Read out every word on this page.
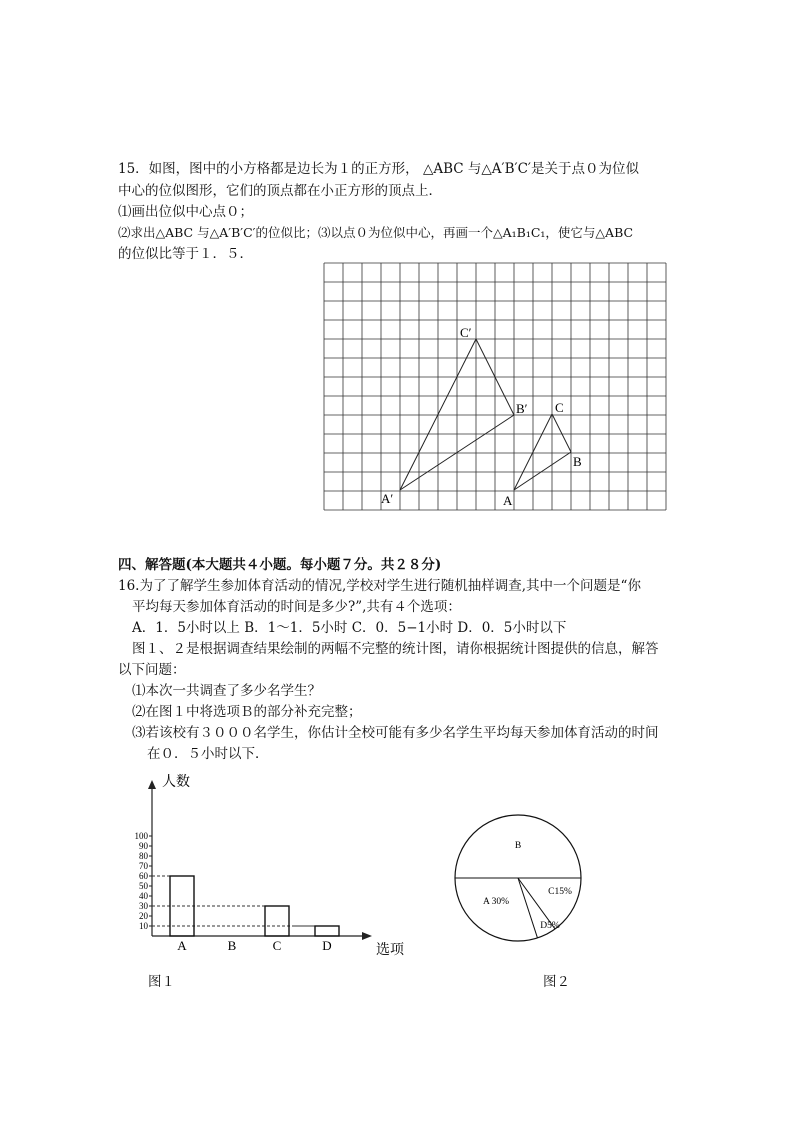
15．如图，图中的小方格都是边长为１的正方形， △ABC 与△A′B′C′是关于点０为位似
中心的位似图形，它们的顶点都在小正方形的顶点上．
⑴画出位似中心点０；
⑵求出△ABC 与△A′B′C′的位似比；⑶以点０为位似中心，再画一个△A₁B₁C₁，使它与△ABC
的位似比等于１．５．
C′
B′
A′
C
B
A
四、解答题(本大题共４小题。每小题７分。共２８分)
16.为了了解学生参加体育活动的情况,学校对学生进行随机抽样调查,其中一个问题是“你
平均每天参加体育活动的时间是多少?”,共有４个选项：
A．1．5小时以上 B．1～1．5小时 C．0．5−1小时 D．0．5小时以下
图１、２是根据调查结果绘制的两幅不完整的统计图，请你根据统计图提供的信息，解答
以下问题：
⑴本次一共调查了多少名学生？
⑵在图１中将选项Ｂ的部分补充完整；
⑶若该校有３０００名学生，你估计全校可能有多少名学生平均每天参加体育活动的时间
在０．５小时以下．
10
20
30
40
50
60
70
80
90
100
A	B	C	D
人数
选项
B
A 30%
C15%
D5%
图１	图２
